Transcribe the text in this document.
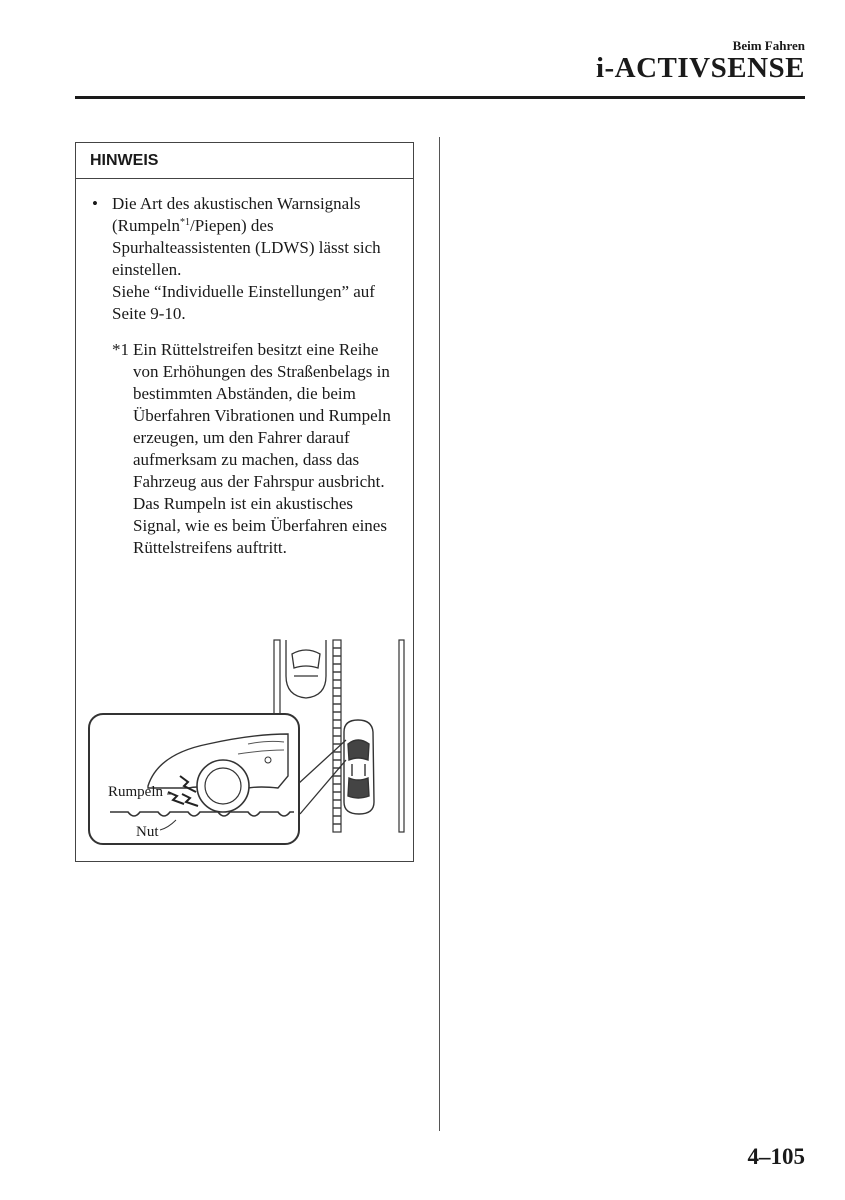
Beim Fahren
i-ACTIVSENSE
HINWEIS
• Die Art des akustischen Warnsignals (Rumpeln$^{*1}$/Piepen) des Spurhalteassistenten (LDWS) lässt sich einstellen.

Siehe “Individuelle Einstellungen” auf Seite 9-10.

*1 Ein Rüttelstreifen besitzt eine Reihe von Erhöhungen des Straßenbelags in bestimmten Abständen, die beim Überfahren Vibrationen und Rumpeln erzeugen, um den Fahrer darauf aufmerksam zu machen, dass das Fahrzeug aus der Fahrspur ausbricht.

Das Rumpeln ist ein akustisches Signal, wie es beim Überfahren eines Rüttelstreifens auftritt.

Rumpeln
Nut
4–105
